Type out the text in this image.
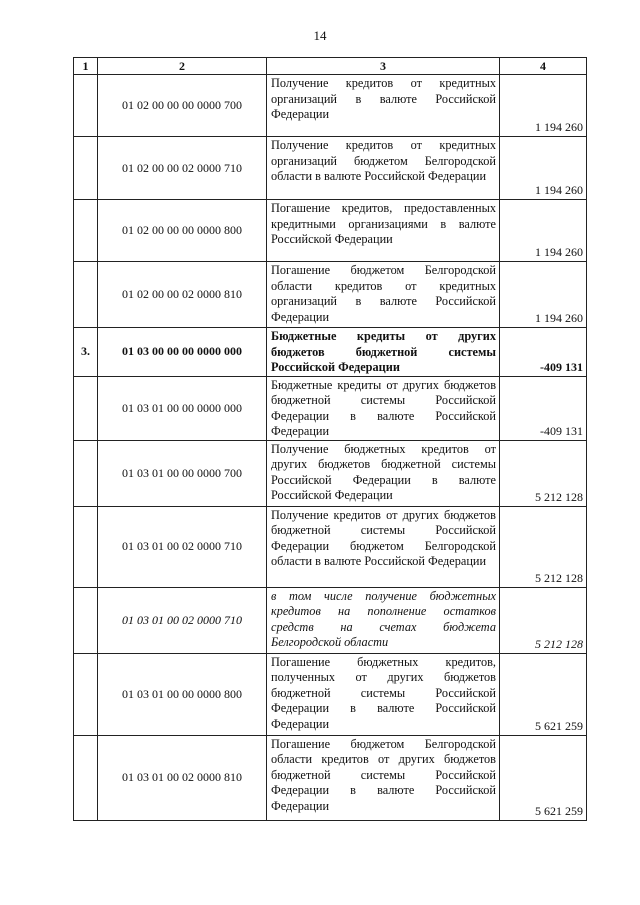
14
1	2	3	4
	01 02 00 00 00 0000 700	Получение кредитов от кредитных организаций в валюте Российской Федерации	1 194 260
	01 02 00 00 02 0000 710	Получение кредитов от кредитных организаций бюджетом Белгородской области в валюте Российской Федерации	1 194 260
	01 02 00 00 00 0000 800	Погашение кредитов, предоставленных кредитными организациями в валюте Российской Федерации	1 194 260
	01 02 00 00 02 0000 810	Погашение бюджетом Белгородской области кредитов от кредитных организаций в валюте Российской Федерации	1 194 260
3.	01 03 00 00 00 0000 000	Бюджетные кредиты от других бюджетов бюджетной системы Российской Федерации	-409 131
	01 03 01 00 00 0000 000	Бюджетные кредиты от других бюджетов бюджетной системы Российской Федерации в валюте Российской Федерации	-409 131
	01 03 01 00 00 0000 700	Получение бюджетных кредитов от других бюджетов бюджетной системы Российской Федерации в валюте Российской Федерации	5 212 128
	01 03 01 00 02 0000 710	Получение кредитов от других бюджетов бюджетной системы Российской Федерации бюджетом Белгородской области в валюте Российской Федерации	5 212 128
	01 03 01 00 02 0000 710	в том числе получение бюджетных кредитов на пополнение остатков средств на счетах бюджета Белгородской области	5 212 128
	01 03 01 00 00 0000 800	Погашение бюджетных кредитов, полученных от других бюджетов бюджетной системы Российской Федерации в валюте Российской Федерации	5 621 259
	01 03 01 00 02 0000 810	Погашение бюджетом Белгородской области кредитов от других бюджетов бюджетной системы Российской Федерации в валюте Российской Федерации	5 621 259
